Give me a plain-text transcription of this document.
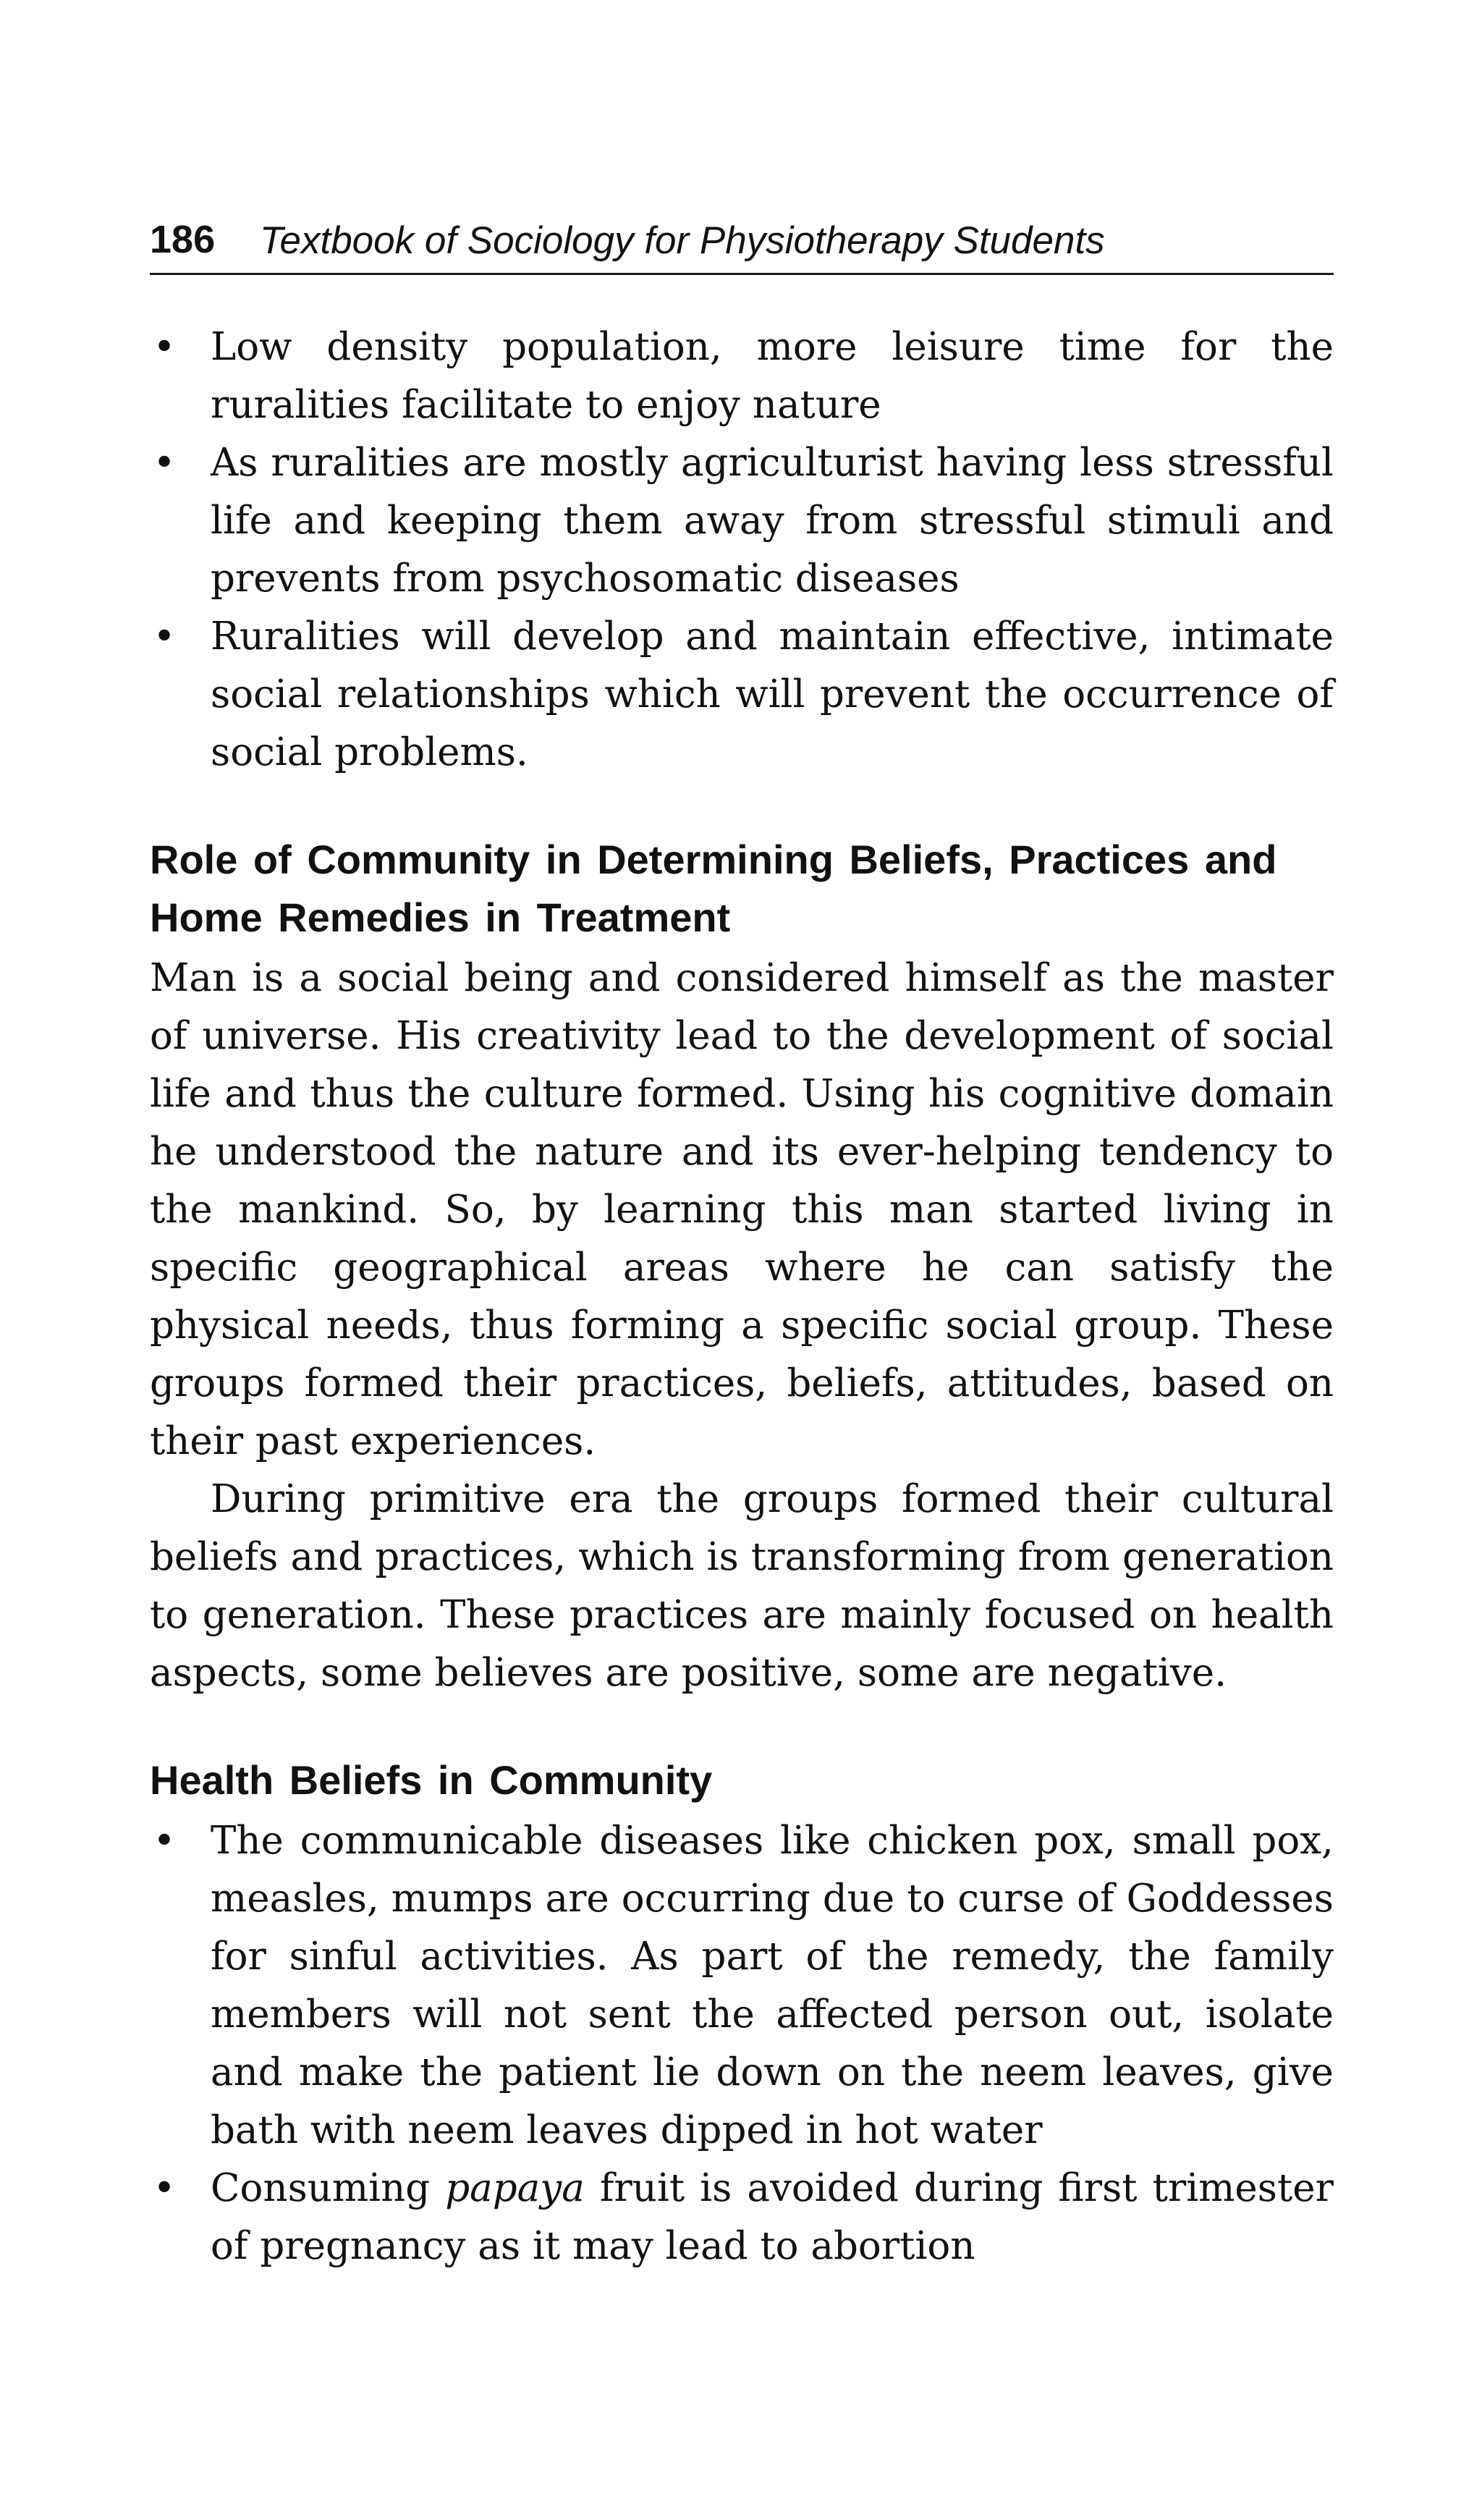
186 Textbook of Sociology for Physiotherapy Students
• Low density population, more leisure time for the ruralities facilitate to enjoy nature
• As ruralities are mostly agriculturist having less stressful life and keeping them away from stressful stimuli and prevents from psychosomatic diseases
• Ruralities will develop and maintain effective, intimate social relationships which will prevent the occurrence of social problems.
Role of Community in Determining Beliefs, Practices and Home Remedies in Treatment

Man is a social being and considered himself as the master of universe. His creativity lead to the development of social life and thus the culture formed. Using his cognitive domain he understood the nature and its ever-helping tendency to the mankind. So, by learning this man started living in specific geographical areas where he can satisfy the physical needs, thus forming a specific social group. These groups formed their practices, beliefs, attitudes, based on their past experiences.

During primitive era the groups formed their cultural beliefs and practices, which is transforming from generation to generation. These practices are mainly focused on health aspects, some believes are positive, some are negative.

Health Beliefs in Community
• The communicable diseases like chicken pox, small pox, measles, mumps are occurring due to curse of Goddesses for sinful activities. As part of the remedy, the family members will not sent the affected person out, isolate and make the patient lie down on the neem leaves, give bath with neem leaves dipped in hot water
• Consuming papaya fruit is avoided during first trimester of pregnancy as it may lead to abortion
